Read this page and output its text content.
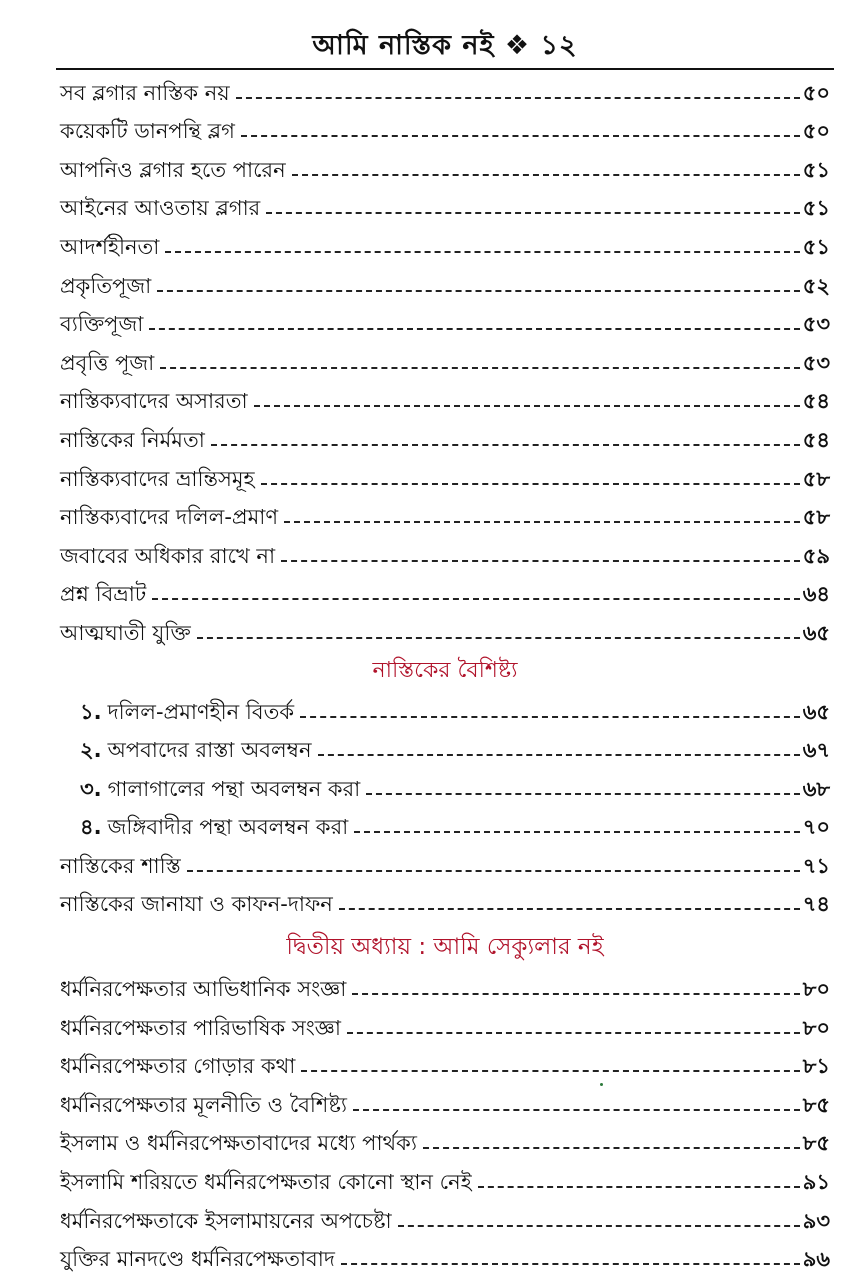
আমি নাস্তিক নই ❖ ১২
সব ব্লগার নাস্তিক নয়	৫০
কয়েকটি ডানপন্থি ব্লগ	৫০
আপনিও ব্লগার হতে পারেন	৫১
আইনের আওতায় ব্লগার	৫১
আদর্শহীনতা	৫১
প্রকৃতিপূজা	৫২
ব্যক্তিপূজা	৫৩
প্রবৃত্তি পূজা	৫৩
নাস্তিক্যবাদের অসারতা	৫৪
নাস্তিকের নির্মমতা	৫৪
নাস্তিক্যবাদের ভ্রান্তিসমূহ	৫৮
নাস্তিক্যবাদের দলিল-প্রমাণ	৫৮
জবাবের অধিকার রাখে না	৫৯
প্রশ্ন বিভ্রাট	৬৪
আত্মঘাতী যুক্তি	৬৫
নাস্তিকের বৈশিষ্ট্য
১. দলিল-প্রমাণহীন বিতর্ক	৬৫
২. অপবাদের রাস্তা অবলম্বন	৬৭
৩. গালাগালের পন্থা অবলম্বন করা	৬৮
৪. জঙ্গিবাদীর পন্থা অবলম্বন করা	৭০
নাস্তিকের শাস্তি	৭১
নাস্তিকের জানাযা ও কাফন-দাফন	৭৪
দ্বিতীয় অধ্যায় : আমি সেক্যুলার নই
ধর্মনিরপেক্ষতার আভিধানিক সংজ্ঞা	৮০
ধর্মনিরপেক্ষতার পারিভাষিক সংজ্ঞা	৮০
ধর্মনিরপেক্ষতার গোড়ার কথা	৮১
ধর্মনিরপেক্ষতার মূলনীতি ও বৈশিষ্ট্য	৮৫
ইসলাম ও ধর্মনিরপেক্ষতাবাদের মধ্যে পার্থক্য	৮৫
ইসলামি শরিয়তে ধর্মনিরপেক্ষতার কোনো স্থান নেই	৯১
ধর্মনিরপেক্ষতাকে ইসলামায়নের অপচেষ্টা	৯৩
যুক্তির মানদণ্ডে ধর্মনিরপেক্ষতাবাদ	৯৬
